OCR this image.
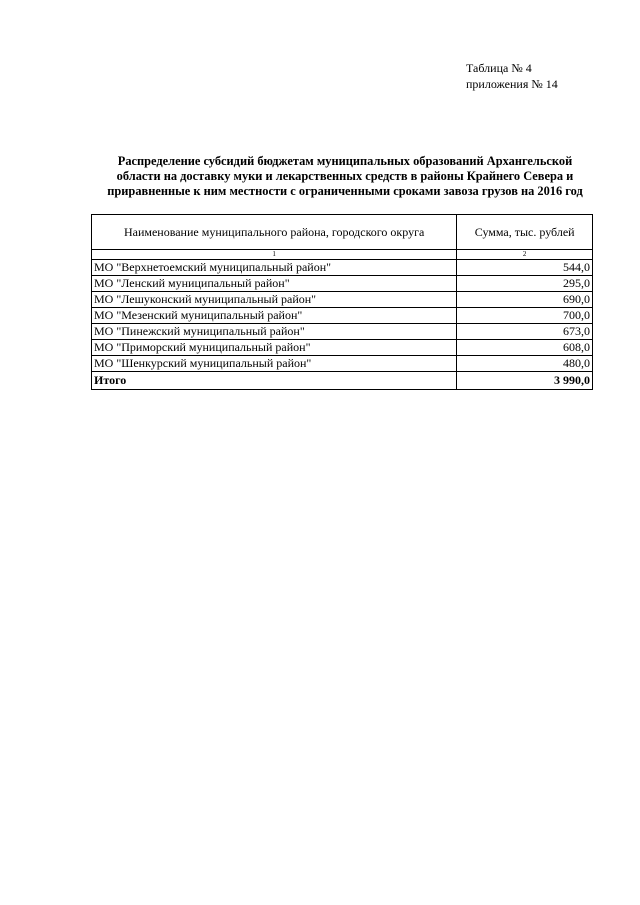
Таблица № 4
приложения № 14
Распределение субсидий бюджетам муниципальных образований Архангельской
области на доставку муки и лекарственных средств в районы Крайнего Севера и
приравненные к ним местности с ограниченными сроками завоза грузов на 2016 год
Наименование муниципального района, городского округа	Сумма, тыс. рублей
1	2
МО "Верхнетоемский муниципальный район"	544,0
МО "Ленский муниципальный район"	295,0
МО "Лешуконский муниципальный район"	690,0
МО "Мезенский муниципальный район"	700,0
МО "Пинежский муниципальный район"	673,0
МО "Приморский муниципальный район"	608,0
МО "Шенкурский муниципальный район"	480,0
Итого	3 990,0
